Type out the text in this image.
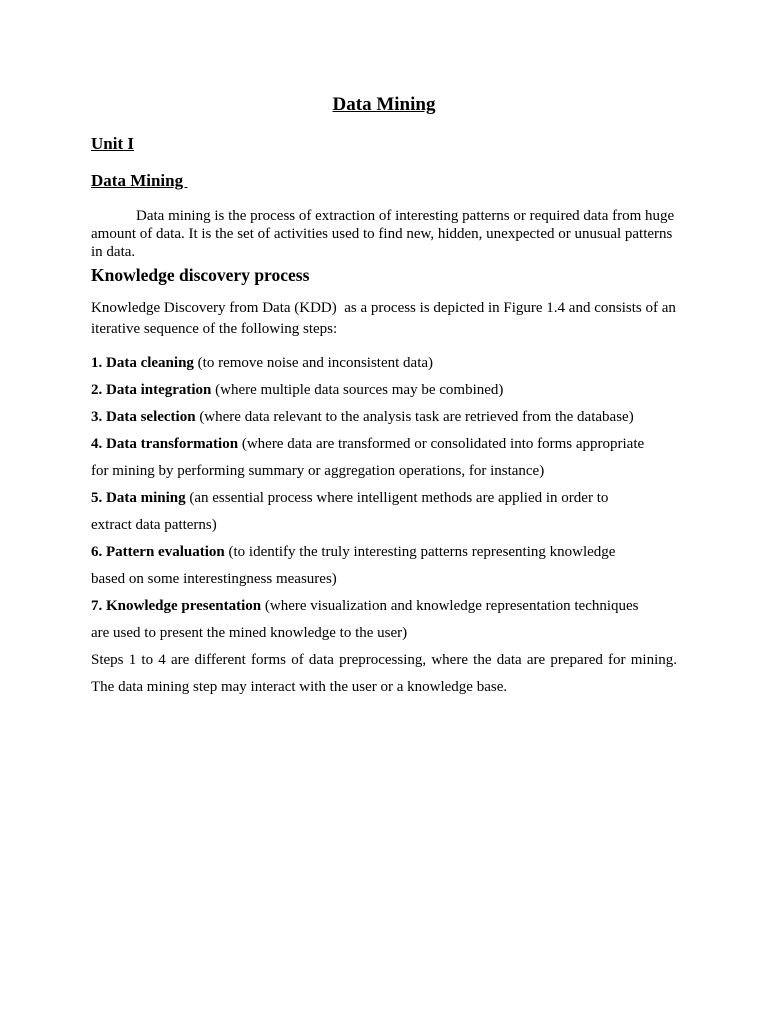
Data Mining
Unit I
Data Mining

Data mining is the process of extraction of interesting patterns or required data from huge amount of data. It is the set of activities used to find new, hidden, unexpected or unusual patterns in data.

Knowledge discovery process

Knowledge Discovery from Data (KDD)  as a process is depicted in Figure 1.4 and consists of an iterative sequence of the following steps:

1. Data cleaning (to remove noise and inconsistent data)

2. Data integration (where multiple data sources may be combined)

3. Data selection (where data relevant to the analysis task are retrieved from the database)

4. Data transformation (where data are transformed or consolidated into forms appropriate

for mining by performing summary or aggregation operations, for instance)

5. Data mining (an essential process where intelligent methods are applied in order to

extract data patterns)

6. Pattern evaluation (to identify the truly interesting patterns representing knowledge

based on some interestingness measures)

7. Knowledge presentation (where visualization and knowledge representation techniques

are used to present the mined knowledge to the user)

Steps 1 to 4 are different forms of data preprocessing, where the data are prepared for mining. The data mining step may interact with the user or a knowledge base.
